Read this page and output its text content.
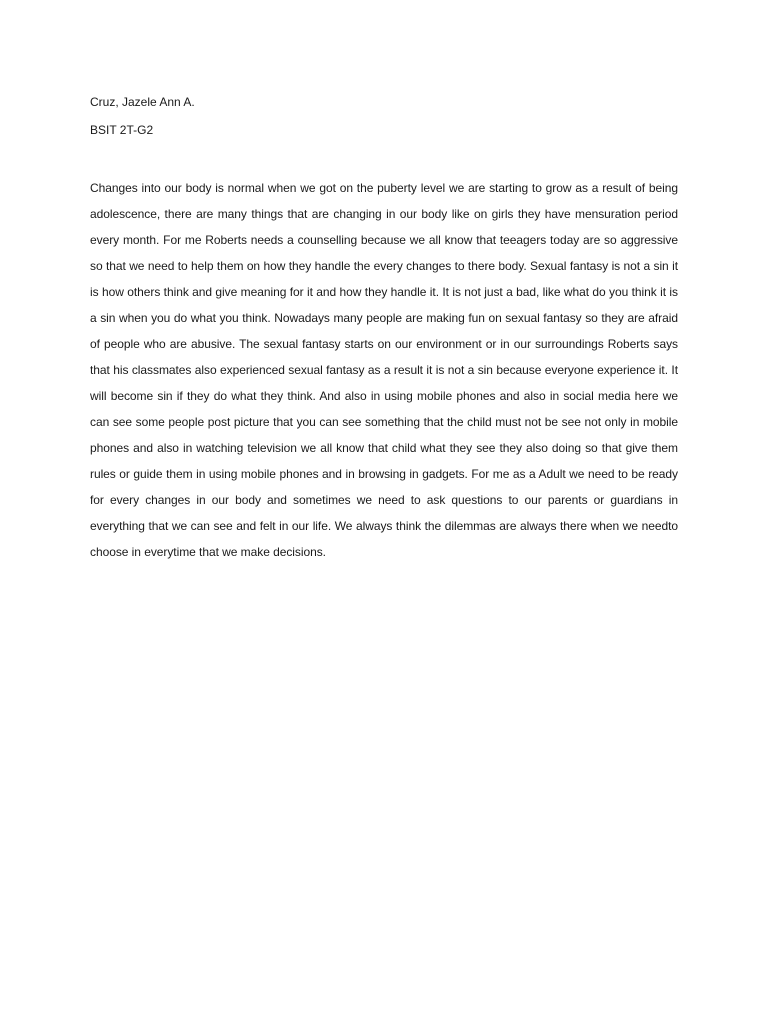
Cruz, Jazele Ann A.
BSIT 2T-G2
Changes into our body is normal when we got on the puberty level we are starting to grow as a result of being adolescence, there are many things that are changing in our body like on girls they have mensuration period every month. For me Roberts needs a counselling because we all know that teeagers today are so aggressive so that we need to help them on how they handle the every changes to there body. Sexual fantasy is not a sin it is how others think and give meaning for it and how they handle it. It is not just a bad, like what do you think it is a sin when you do what you think. Nowadays many people are making fun on sexual fantasy so they are afraid of people who are abusive. The sexual fantasy starts on our environment or in our surroundings Roberts says that his classmates also experienced sexual fantasy as a result it is not a sin because everyone experience it. It will become sin if they do what they think. And also in using mobile phones and also in social media here we can see some people post picture that you can see something that the child must not be see not only in mobile phones and also in watching television we all know that child what they see they also doing so that give them rules or guide them in using mobile phones and in browsing in gadgets. For me as a Adult we need to be ready for every changes in our body and sometimes we need to ask questions to our parents or guardians in everything that we can see and felt in our life. We always think the dilemmas are always there when we needto choose in everytime that we make decisions.
